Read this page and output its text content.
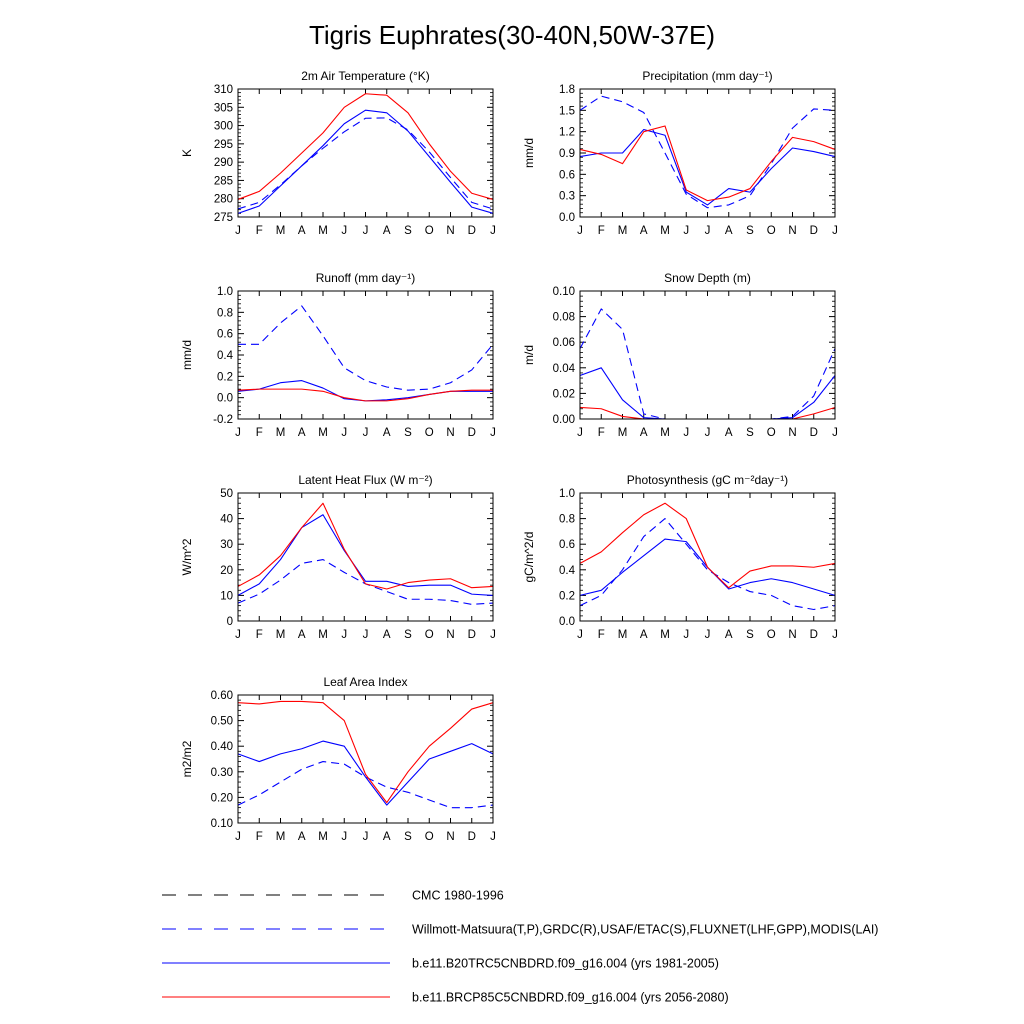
Tigris Euphrates(30-40N,50W-37E)
2m Air Temperature (°K)
K
J F M A M J J A S O N D J
275
280
285
290
295
300
305
310
Precipitation (mm day⁻¹)
mm/d
J F M A M J J A S O N D J
0.0
0.3
0.6
0.9
1.2
1.5
1.8
Runoff (mm day⁻¹)
mm/d
J F M A M J J A S O N D J
-0.2
0.0
0.2
0.4
0.6
0.8
1.0
Snow Depth (m)
m/d
J F M A M J J A S O N D J
0.00
0.02
0.04
0.06
0.08
0.10
Latent Heat Flux (W m⁻²)
W/m^2
J F M A M J J A S O N D J
0
10
20
30
40
50
Photosynthesis (gC m⁻²day⁻¹)
gC/m^2/d
J F M A M J J A S O N D J
0.0
0.2
0.4
0.6
0.8
1.0
Leaf Area Index
m2/m2
J F M A M J J A S O N D J
0.10
0.20
0.30
0.40
0.50
0.60
CMC 1980-1996
Willmott-Matsuura(T,P),GRDC(R),USAF/ETAC(S),FLUXNET(LHF,GPP),MODIS(LAI)
b.e11.B20TRC5CNBDRD.f09_g16.004 (yrs 1981-2005)
b.e11.BRCP85C5CNBDRD.f09_g16.004 (yrs 2056-2080)
